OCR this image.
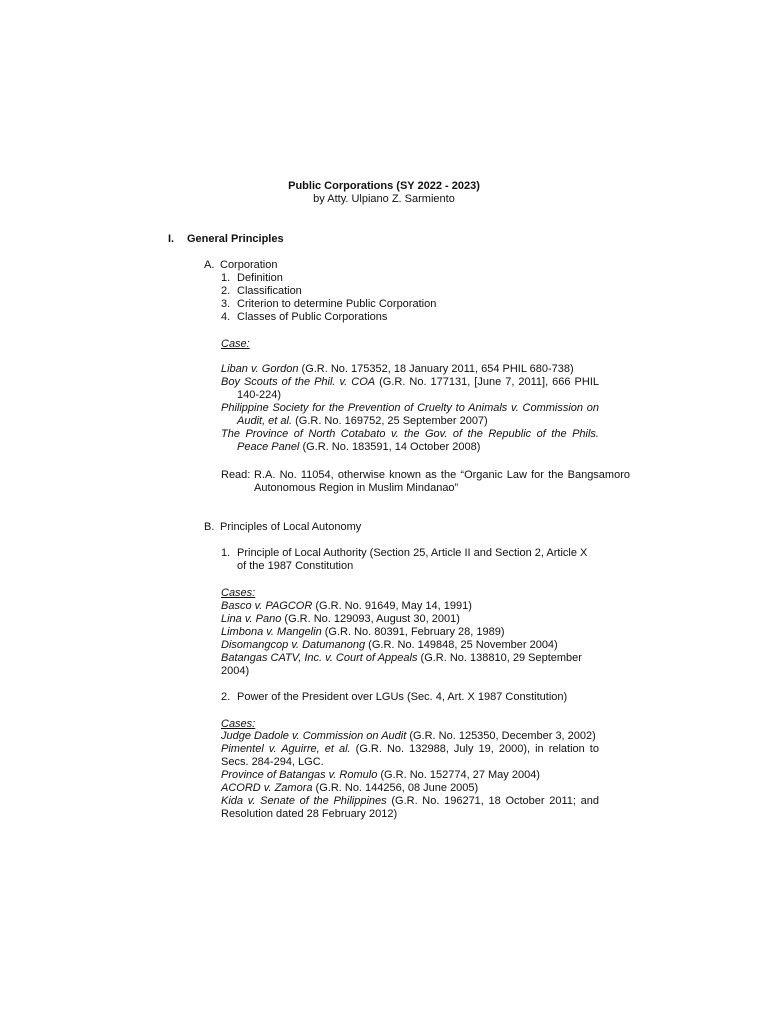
Public Corporations (SY 2022 - 2023)
by Atty. Ulpiano Z. Sarmiento
I. General Principles
A. Corporation
1. Definition
2. Classification
3. Criterion to determine Public Corporation
4. Classes of Public Corporations
Case:
Liban v. Gordon (G.R. No. 175352, 18 January 2011, 654 PHIL 680-738)
Boy Scouts of the Phil. v. COA (G.R. No. 177131, [June 7, 2011], 666 PHIL 140-224)
Philippine Society for the Prevention of Cruelty to Animals v. Commission on Audit, et al. (G.R. No. 169752, 25 September 2007)
The Province of North Cotabato v. the Gov. of the Republic of the Phils. Peace Panel (G.R. No. 183591, 14 October 2008)
Read: R.A. No. 11054, otherwise known as the “Organic Law for the Bangsamoro Autonomous Region in Muslim Mindanao”
B. Principles of Local Autonomy
1. Principle of Local Authority (Section 25, Article II and Section 2, Article X of the 1987 Constitution
Cases:
Basco v. PAGCOR (G.R. No. 91649, May 14, 1991)
Lina v. Pano (G.R. No. 129093, August 30, 2001)
Limbona v. Mangelin (G.R. No. 80391, February 28, 1989)
Disomangcop v. Datumanong (G.R. No. 149848, 25 November 2004)
Batangas CATV, Inc. v. Court of Appeals (G.R. No. 138810, 29 September 2004)
2. Power of the President over LGUs (Sec. 4, Art. X 1987 Constitution)
Cases:
Judge Dadole v. Commission on Audit (G.R. No. 125350, December 3, 2002)
Pimentel v. Aguirre, et al. (G.R. No. 132988, July 19, 2000), in relation to Secs. 284-294, LGC.
Province of Batangas v. Romulo (G.R. No. 152774, 27 May 2004)
ACORD v. Zamora (G.R. No. 144256, 08 June 2005)
Kida v. Senate of the Philippines (G.R. No. 196271, 18 October 2011; and Resolution dated 28 February 2012)
